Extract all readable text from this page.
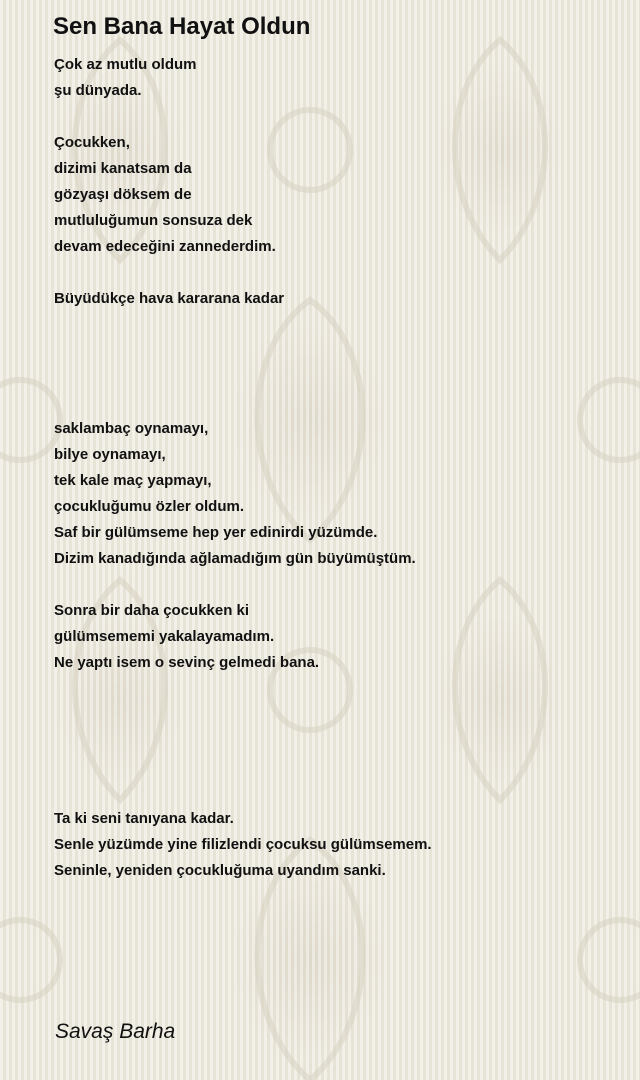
Sen Bana Hayat Oldun
Çok az mutlu oldum
şu dünyada.
Çocukken,
dizimi kanatsam da
gözyaşı döksem de
mutluluğumun sonsuza dek
devam edeceğini zannederdim.
Büyüdükçe hava kararana kadar
saklambaç oynamayı,
bilye oynamayı,
tek kale maç yapmayı,
çocukluğumu özler oldum.
Saf bir gülümseme hep yer edinirdi yüzümde.
Dizim kanadığında ağlamadığım gün büyümüştüm.
Sonra bir daha çocukken ki
gülümsememi yakalayamadım.
Ne yaptı isem o sevinç gelmedi bana.
Ta ki seni tanıyana kadar.
Senle yüzümde yine filizlendi çocuksu gülümsemem.
Seninle, yeniden çocukluğuma uyandım sanki.
Savaş Barha
